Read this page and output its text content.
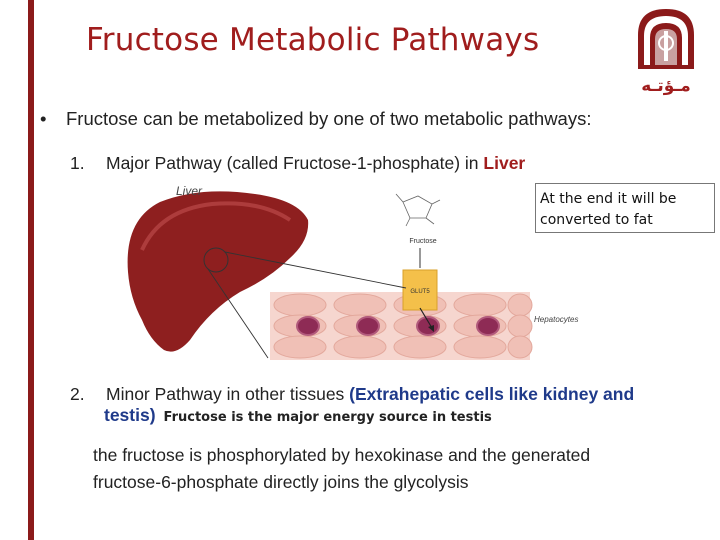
Fructose Metabolic Pathways
مـؤتـه
• Fructose can be metabolized by one of two metabolic pathways:
1. Major Pathway (called Fructose-1-phosphate) in Liver
GLUT5
Fructose
Liver
Hepatocytes
At the end it will be
converted to fat
2. Minor Pathway in other tissues (Extrahepatic cells like kidney and
testis) Fructose is the major energy source in testis
the fructose is phosphorylated by hexokinase and the generated
fructose-6-phosphate directly joins the glycolysis
